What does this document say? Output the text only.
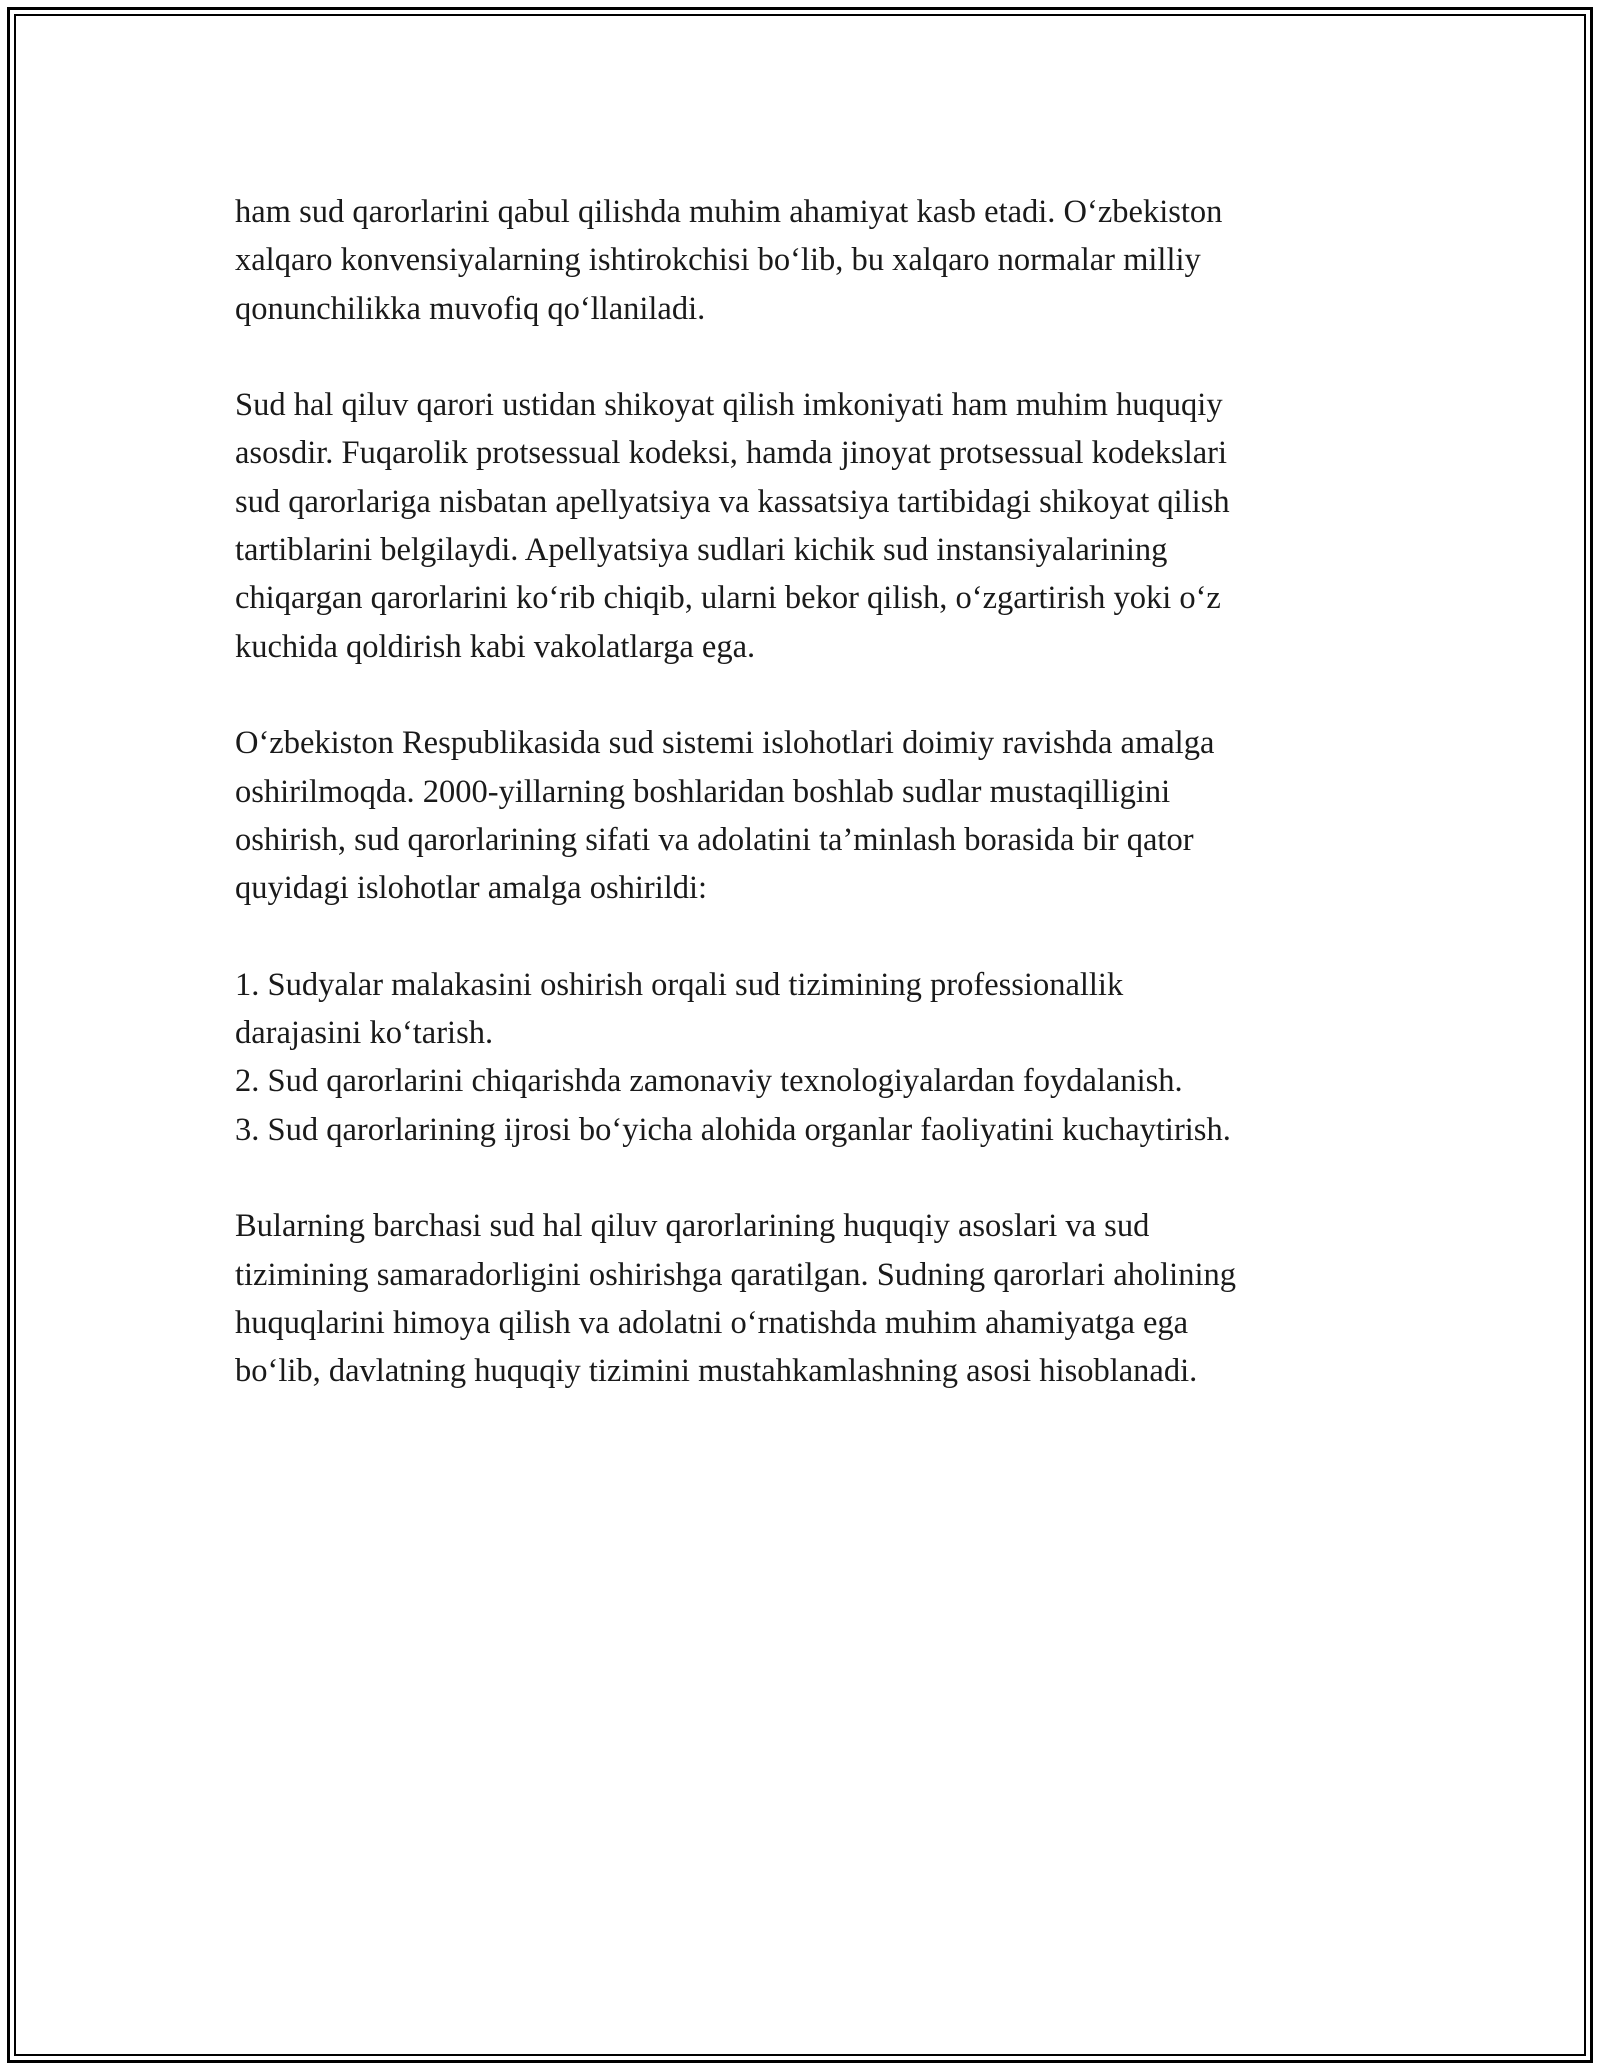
ham sud qarorlarini qabul qilishda muhim ahamiyat kasb etadi. O‘zbekiston
xalqaro konvensiyalarning ishtirokchisi bo‘lib, bu xalqaro normalar milliy
qonunchilikka muvofiq qo‘llaniladi.

Sud hal qiluv qarori ustidan shikoyat qilish imkoniyati ham muhim huquqiy
asosdir. Fuqarolik protsessual kodeksi, hamda jinoyat protsessual kodekslari
sud qarorlariga nisbatan apellyatsiya va kassatsiya tartibidagi shikoyat qilish
tartiblarini belgilaydi. Apellyatsiya sudlari kichik sud instansiyalarining
chiqargan qarorlarini ko‘rib chiqib, ularni bekor qilish, o‘zgartirish yoki o‘z
kuchida qoldirish kabi vakolatlarga ega.

O‘zbekiston Respublikasida sud sistemi islohotlari doimiy ravishda amalga
oshirilmoqda. 2000-yillarning boshlaridan boshlab sudlar mustaqilligini
oshirish, sud qarorlarining sifati va adolatini ta’minlash borasida bir qator
quyidagi islohotlar amalga oshirildi:

1. Sudyalar malakasini oshirish orqali sud tizimining professionallik
darajasini ko‘tarish.
2. Sud qarorlarini chiqarishda zamonaviy texnologiyalardan foydalanish.
3. Sud qarorlarining ijrosi bo‘yicha alohida organlar faoliyatini kuchaytirish.

Bularning barchasi sud hal qiluv qarorlarining huquqiy asoslari va sud
tizimining samaradorligini oshirishga qaratilgan. Sudning qarorlari aholining
huquqlarini himoya qilish va adolatni o‘rnatishda muhim ahamiyatga ega
bo‘lib, davlatning huquqiy tizimini mustahkamlashning asosi hisoblanadi.
